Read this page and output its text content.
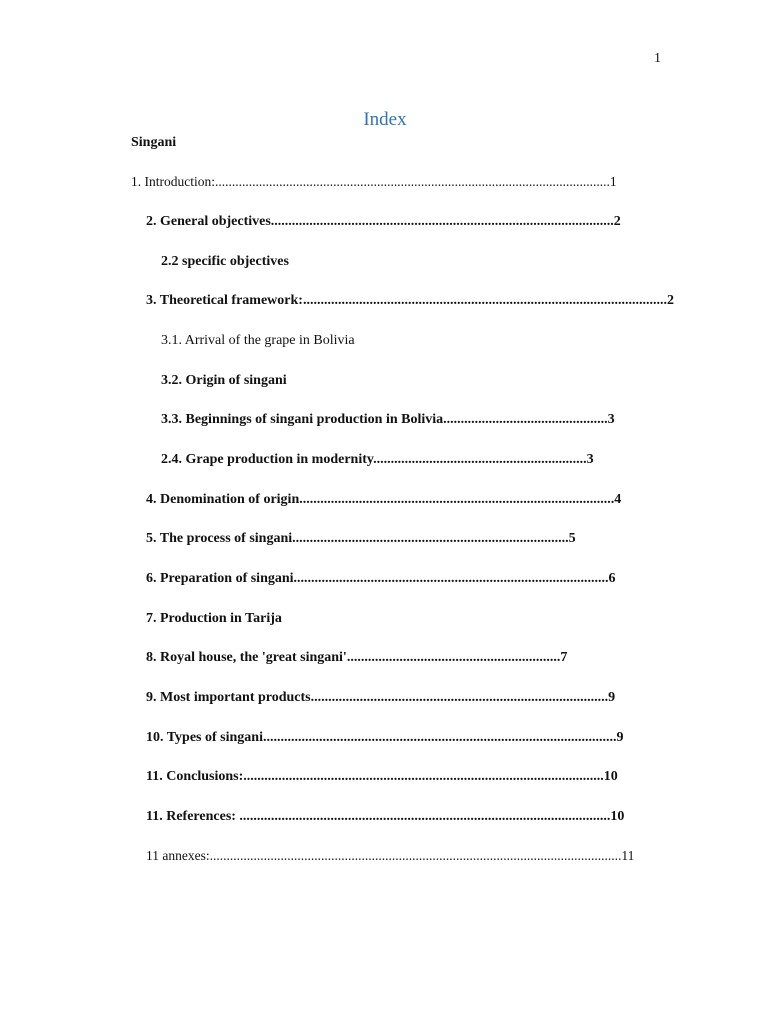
1
Index
Singani
1. Introduction:.....................................................................................................................1
2. General objectives..................................................................................................2
2.2 specific objectives
3. Theoretical framework:........................................................................................................2
3.1. Arrival of the grape in Bolivia
3.2. Origin of singani
3.3. Beginnings of singani production in Bolivia...............................................3
2.4. Grape production in modernity.............................................................3
4. Denomination of origin..........................................................................................4
5. The process of singani...............................................................................5
6. Preparation of singani..........................................................................................6
7. Production in Tarija
8. Royal house, the 'great singani'.............................................................7
9. Most important products.....................................................................................9
10. Types of singani.....................................................................................................9
11. Conclusions:.......................................................................................................10
11. References: ..........................................................................................................10
11 annexes:..........................................................................................................................11
